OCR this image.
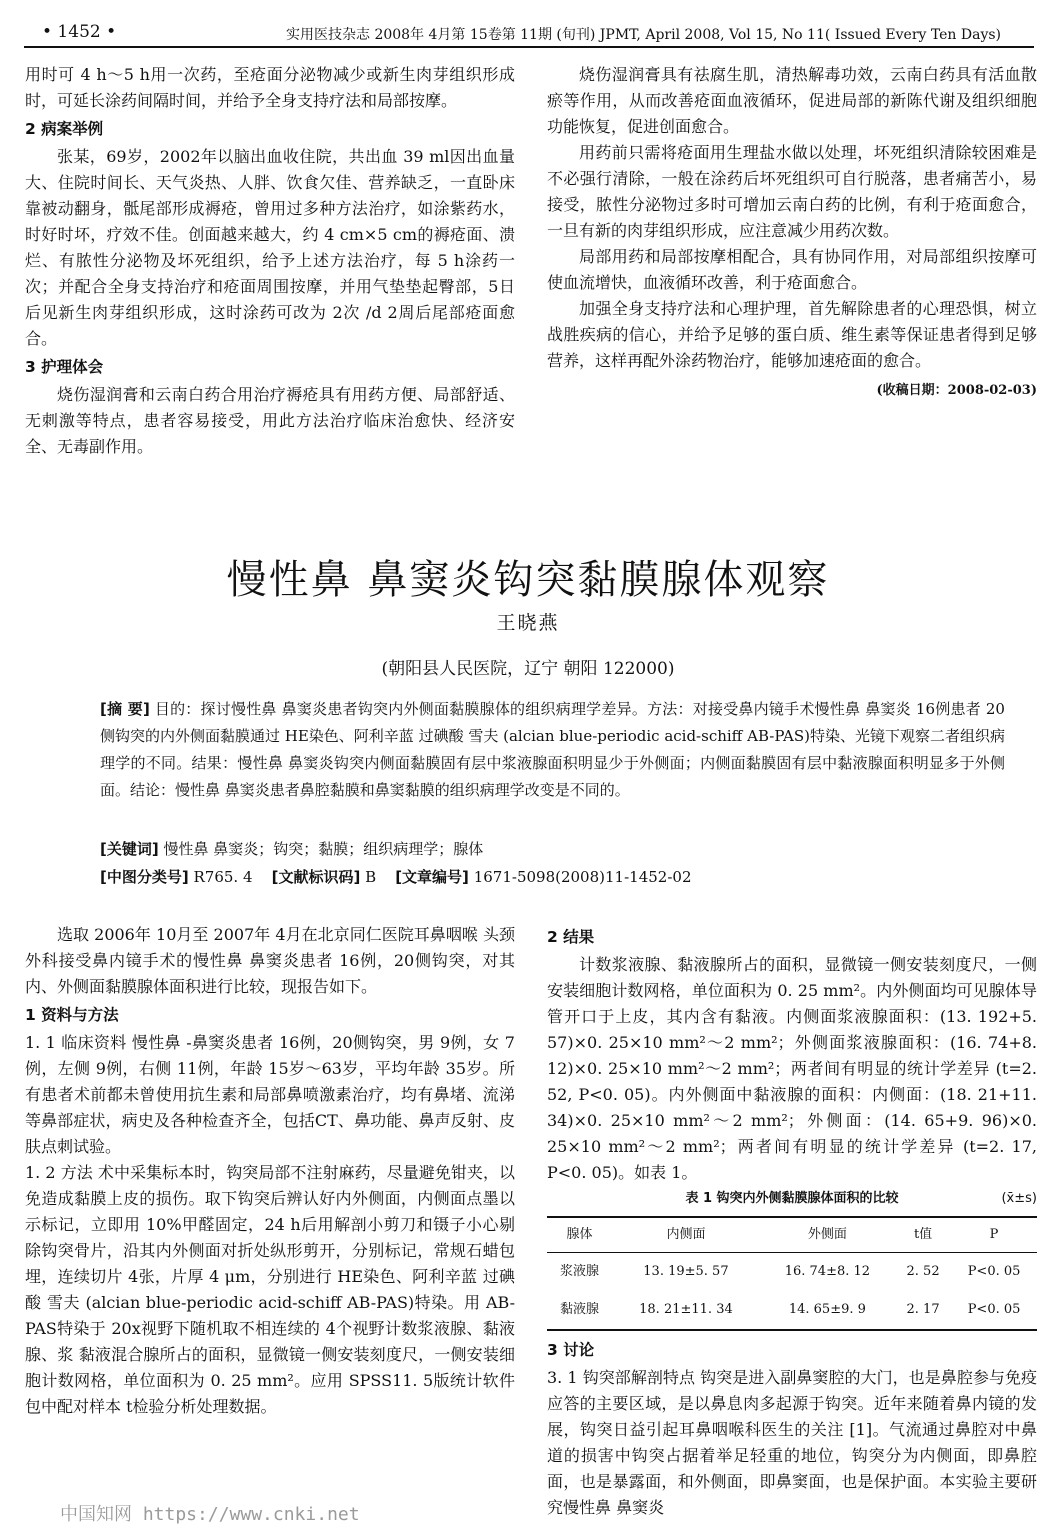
• 1452 •	实用医技杂志 2008年 4月第 15卷第 11期 (旬刊) JPMT, April 2008, Vol 15, No 11( Issued Every Ten Days)

用时可 4 h～5 h用一次药，至疮面分泌物减少或新生肉芽组织形成时，可延长涂药间隔时间，并给予全身支持疗法和局部按摩。

2 病案举例

张某，69岁，2002年以脑出血收住院，共出血 39 ml因出血量大、住院时间长、天气炎热、人胖、饮食欠佳、营养缺乏，一直卧床靠被动翻身，骶尾部形成褥疮，曾用过多种方法治疗，如涂紫药水，时好时坏，疗效不佳。创面越来越大，约 4 cm×5 cm的褥疮面、溃烂、有脓性分泌物及坏死组织，给予上述方法治疗，每 5 h涂药一次；并配合全身支持治疗和疮面周围按摩，并用气垫垫起臀部，5日后见新生肉芽组织形成，这时涂药可改为 2次 /d 2周后尾部疮面愈合。

3 护理体会

烧伤湿润膏和云南白药合用治疗褥疮具有用药方便、局部舒适、无刺激等特点，患者容易接受，用此方法治疗临床治愈快、经济安全、无毒副作用。

烧伤湿润膏具有祛腐生肌，清热解毒功效，云南白药具有活血散瘀等作用，从而改善疮面血液循环，促进局部的新陈代谢及组织细胞功能恢复，促进创面愈合。

用药前只需将疮面用生理盐水做以处理，坏死组织清除较困难是不必强行清除，一般在涂药后坏死组织可自行脱落，患者痛苦小，易接受，脓性分泌物过多时可增加云南白药的比例，有利于疮面愈合，一旦有新的肉芽组织形成，应注意减少用药次数。

局部用药和局部按摩相配合，具有协同作用，对局部组织按摩可使血流增快，血液循环改善，利于疮面愈合。

加强全身支持疗法和心理护理，首先解除患者的心理恐惧，树立战胜疾病的信心，并给予足够的蛋白质、维生素等保证患者得到足够营养，这样再配外涂药物治疗，能够加速疮面的愈合。

(收稿日期：2008-02-03)

慢性鼻 鼻窦炎钩突黏膜腺体观察
王晓燕
(朝阳县人民医院，辽宁 朝阳 122000)
[摘 要] 目的：探讨慢性鼻 鼻窦炎患者钩突内外侧面黏膜腺体的组织病理学差异。方法：对接受鼻内镜手术慢性鼻 鼻窦炎 16例患者 20侧钩突的内外侧面黏膜通过 HE染色、阿利辛蓝 过碘酸 雪夫 (alcian blue-periodic acid-schiff AB-PAS)特染、光镜下观察二者组织病理学的不同。结果：慢性鼻 鼻窦炎钩突内侧面黏膜固有层中浆液腺面积明显少于外侧面；内侧面黏膜固有层中黏液腺面积明显多于外侧面。结论：慢性鼻 鼻窦炎患者鼻腔黏膜和鼻窦黏膜的组织病理学改变是不同的。
[关键词] 慢性鼻 鼻窦炎；钩突；黏膜；组织病理学；腺体
[中图分类号] R765. 4 [文献标识码] B [文章编号] 1671-5098(2008)11-1452-02

选取 2006年 10月至 2007年 4月在北京同仁医院耳鼻咽喉 头颈外科接受鼻内镜手术的慢性鼻 鼻窦炎患者 16例，20侧钩突，对其内、外侧面黏膜腺体面积进行比较，现报告如下。

1 资料与方法

1. 1 临床资料 慢性鼻 -鼻窦炎患者 16例，20侧钩突，男 9例，女 7例，左侧 9例，右侧 11例，年龄 15岁～63岁，平均年龄 35岁。所有患者术前都未曾使用抗生素和局部鼻喷激素治疗，均有鼻堵、流涕等鼻部症状，病史及各种检查齐全，包括CT、鼻功能、鼻声反射、皮肤点刺试验。

1. 2 方法 术中采集标本时，钩突局部不注射麻药，尽量避免钳夹，以免造成黏膜上皮的损伤。取下钩突后辨认好内外侧面，内侧面点墨以示标记，立即用 10%甲醛固定，24 h后用解剖小剪刀和镊子小心剔除钩突骨片，沿其内外侧面对折处纵形剪开，分别标记，常规石蜡包埋，连续切片 4张，片厚 4 μm，分别进行 HE染色、阿利辛蓝 过碘酸 雪夫 (alcian blue-periodic acid-schiff AB-PAS)特染。用 AB-PAS特染于 20x视野下随机取不相连续的 4个视野计数浆液腺、黏液腺、浆 黏液混合腺所占的面积，显微镜一侧安装刻度尺，一侧安装细胞计数网格，单位面积为 0. 25 mm²。应用 SPSS11. 5版统计软件包中配对样本 t检验分析处理数据。

2 结果

计数浆液腺、黏液腺所占的面积，显微镜一侧安装刻度尺，一侧安装细胞计数网格，单位面积为 0. 25 mm²。内外侧面均可见腺体导管开口于上皮，其内含有黏液。内侧面浆液腺面积：(13. 192+5. 57)×0. 25×10 mm²～2 mm²；外侧面浆液腺面积：(16. 74+8. 12)×0. 25×10 mm²～2 mm²；两者间有明显的统计学差异 (t=2. 52, P<0. 05)。内外侧面中黏液腺的面积：内侧面：(18. 21+11. 34)×0. 25×10 mm²～2 mm²；外侧面：(14. 65+9. 96)×0. 25×10 mm²～2 mm²；两者间有明显的统计学差异 (t=2. 17, P<0. 05)。如表 1。

表 1 钩突内外侧黏膜腺体面积的比较	(x̄±s)
腺体	内侧面	外侧面	t值	P
浆液腺	13. 19±5. 57	16. 74±8. 12	2. 52	P<0. 05
黏液腺	18. 21±11. 34	14. 65±9. 9	2. 17	P<0. 05

3 讨论

3. 1 钩突部解剖特点 钩突是进入副鼻窦腔的大门，也是鼻腔参与免疫应答的主要区域，是以鼻息肉多起源于钩突。近年来随着鼻内镜的发展，钩突日益引起耳鼻咽喉科医生的关注 [1]。气流通过鼻腔对中鼻道的损害中钩突占据着举足轻重的地位，钩突分为内侧面，即鼻腔面，也是暴露面，和外侧面，即鼻窦面，也是保护面。本实验主要研究慢性鼻 鼻窦炎

中国知网 https://www.cnki.net
